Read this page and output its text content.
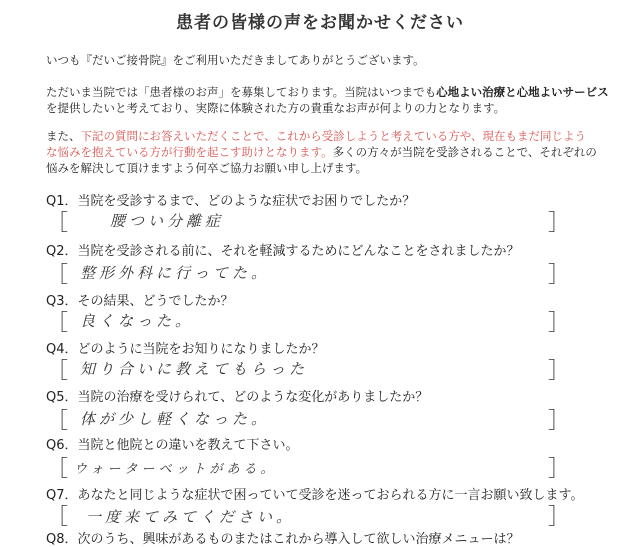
患者の皆様の声をお聞かせください
いつも『だいご接骨院』をご利用いただきましてありがとうございます。
ただいま当院では「患者様のお声」を募集しております。当院はいつまでも心地よい治療と心地よいサービス
を提供したいと考えており、実際に体験された方の貴重なお声が何よりの力となります。
また、下記の質問にお答えいただくことで、これから受診しようと考えている方や、現在もまだ同じよう
な悩みを抱えている方が行動を起こす助けとなります。多くの方々が当院を受診されることで、それぞれの
悩みを解決して頂けますよう何卒ご協力お願い申し上げます。
Q1．当院を受診するまで、どのような症状でお困りでしたか？
［	腰つい分離症	］
Q2．当院を受診される前に、それを軽減するためにどんなことをされましたか？
［ 整形外科に行ってた。	］
Q3．その結果、どうでしたか？
［ 良くなった。	］
Q4．どのように当院をお知りになりましたか？
［ 知り合いに教えてもらった	］
Q5．当院の治療を受けられて、どのような変化がありましたか？
［ 体が少し軽くなった。	］
Q6．当院と他院との違いを教えて下さい。
［ ウォーターベットがある。	］
Q7．あなたと同じような症状で困っていて受診を迷っておられる方に一言お願い致します。
［ 一度来てみてください。	］
Q8．次のうち、興味があるものまたはこれから導入して欲しい治療メニューは？
